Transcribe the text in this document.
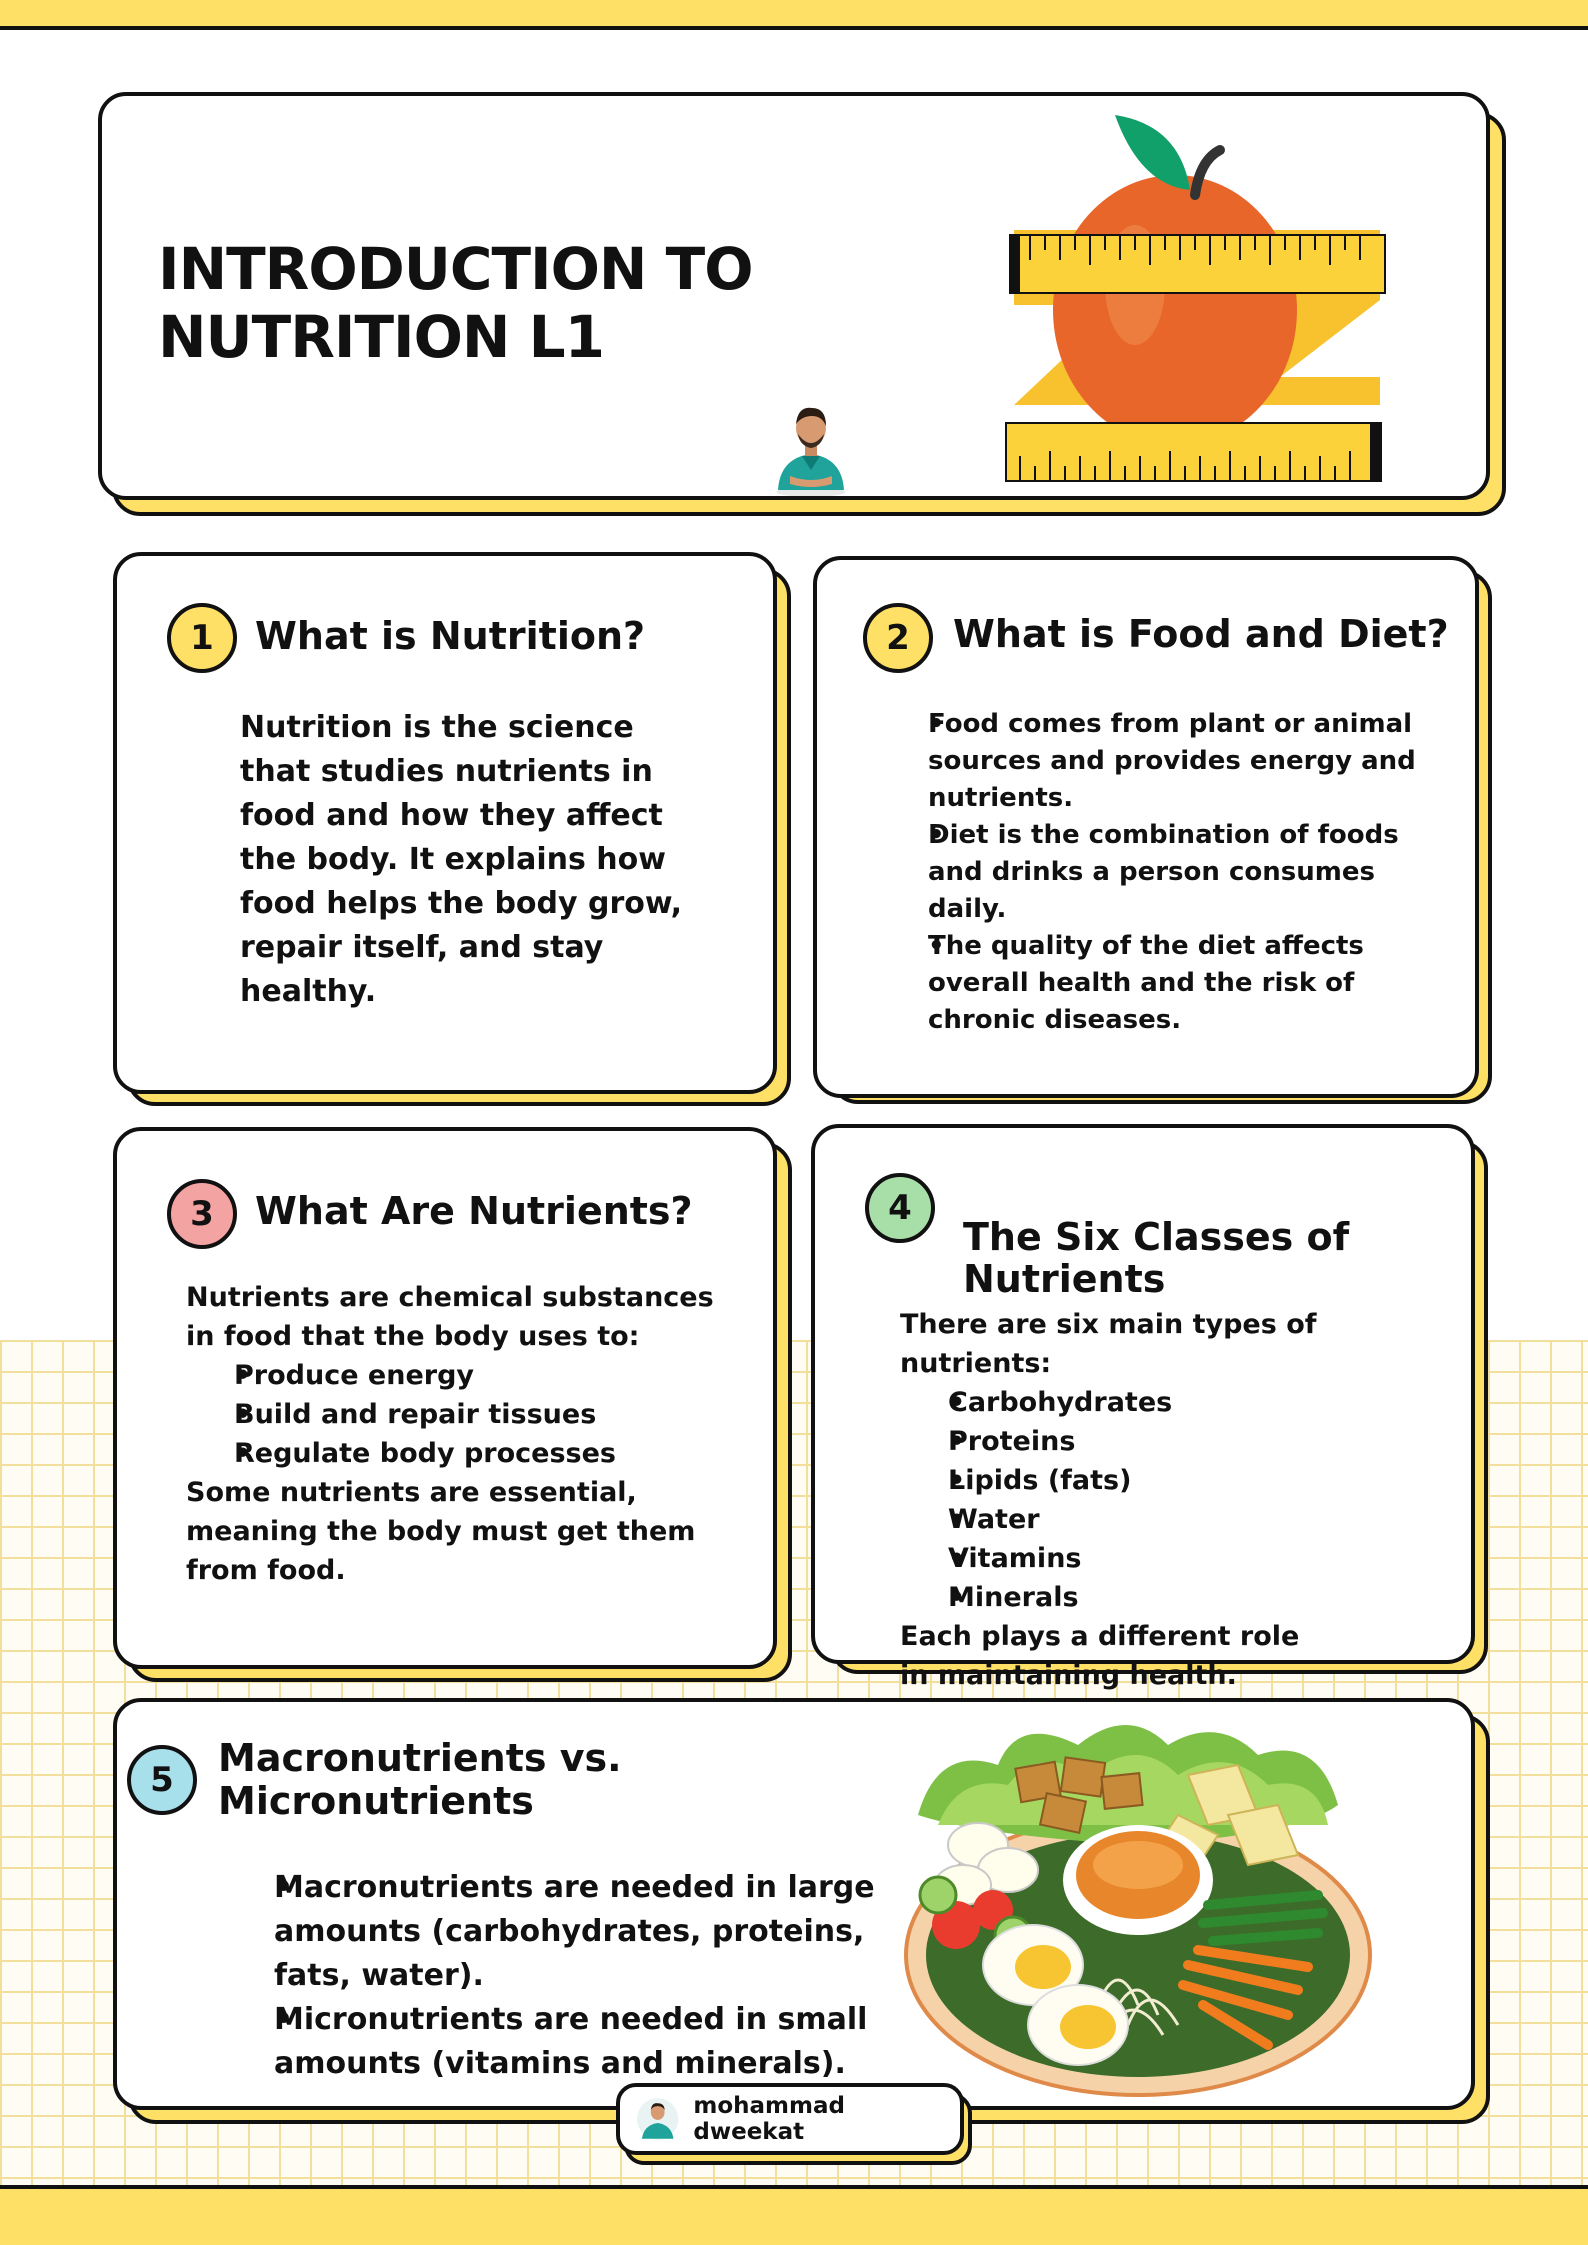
INTRODUCTION TO
NUTRITION L1
1	What is Nutrition?
Nutrition is the science that studies nutrients in food and how they affect the body. It explains how food helps the body grow, repair itself, and stay healthy.
2	What is Food and Diet?
• Food comes from plant or animal sources and provides energy and nutrients.
• Diet is the combination of foods and drinks a person consumes daily.
• The quality of the diet affects overall health and the risk of chronic diseases.
3	What Are Nutrients?
Nutrients are chemical substances in food that the body uses to:
• Produce energy
• Build and repair tissues
• Regulate body processes
Some nutrients are essential, meaning the body must get them from food.
4
The Six Classes of Nutrients
There are six main types of nutrients:
• Carbohydrates
• Proteins
• Lipids (fats)
• Water
• Vitamins
• Minerals
Each plays a different role in maintaining health.
5	Macronutrients vs. Micronutrients
• Macronutrients are needed in large amounts (carbohydrates, proteins, fats, water).
• Micronutrients are needed in small amounts (vitamins and minerals).
mohammad dweekat
